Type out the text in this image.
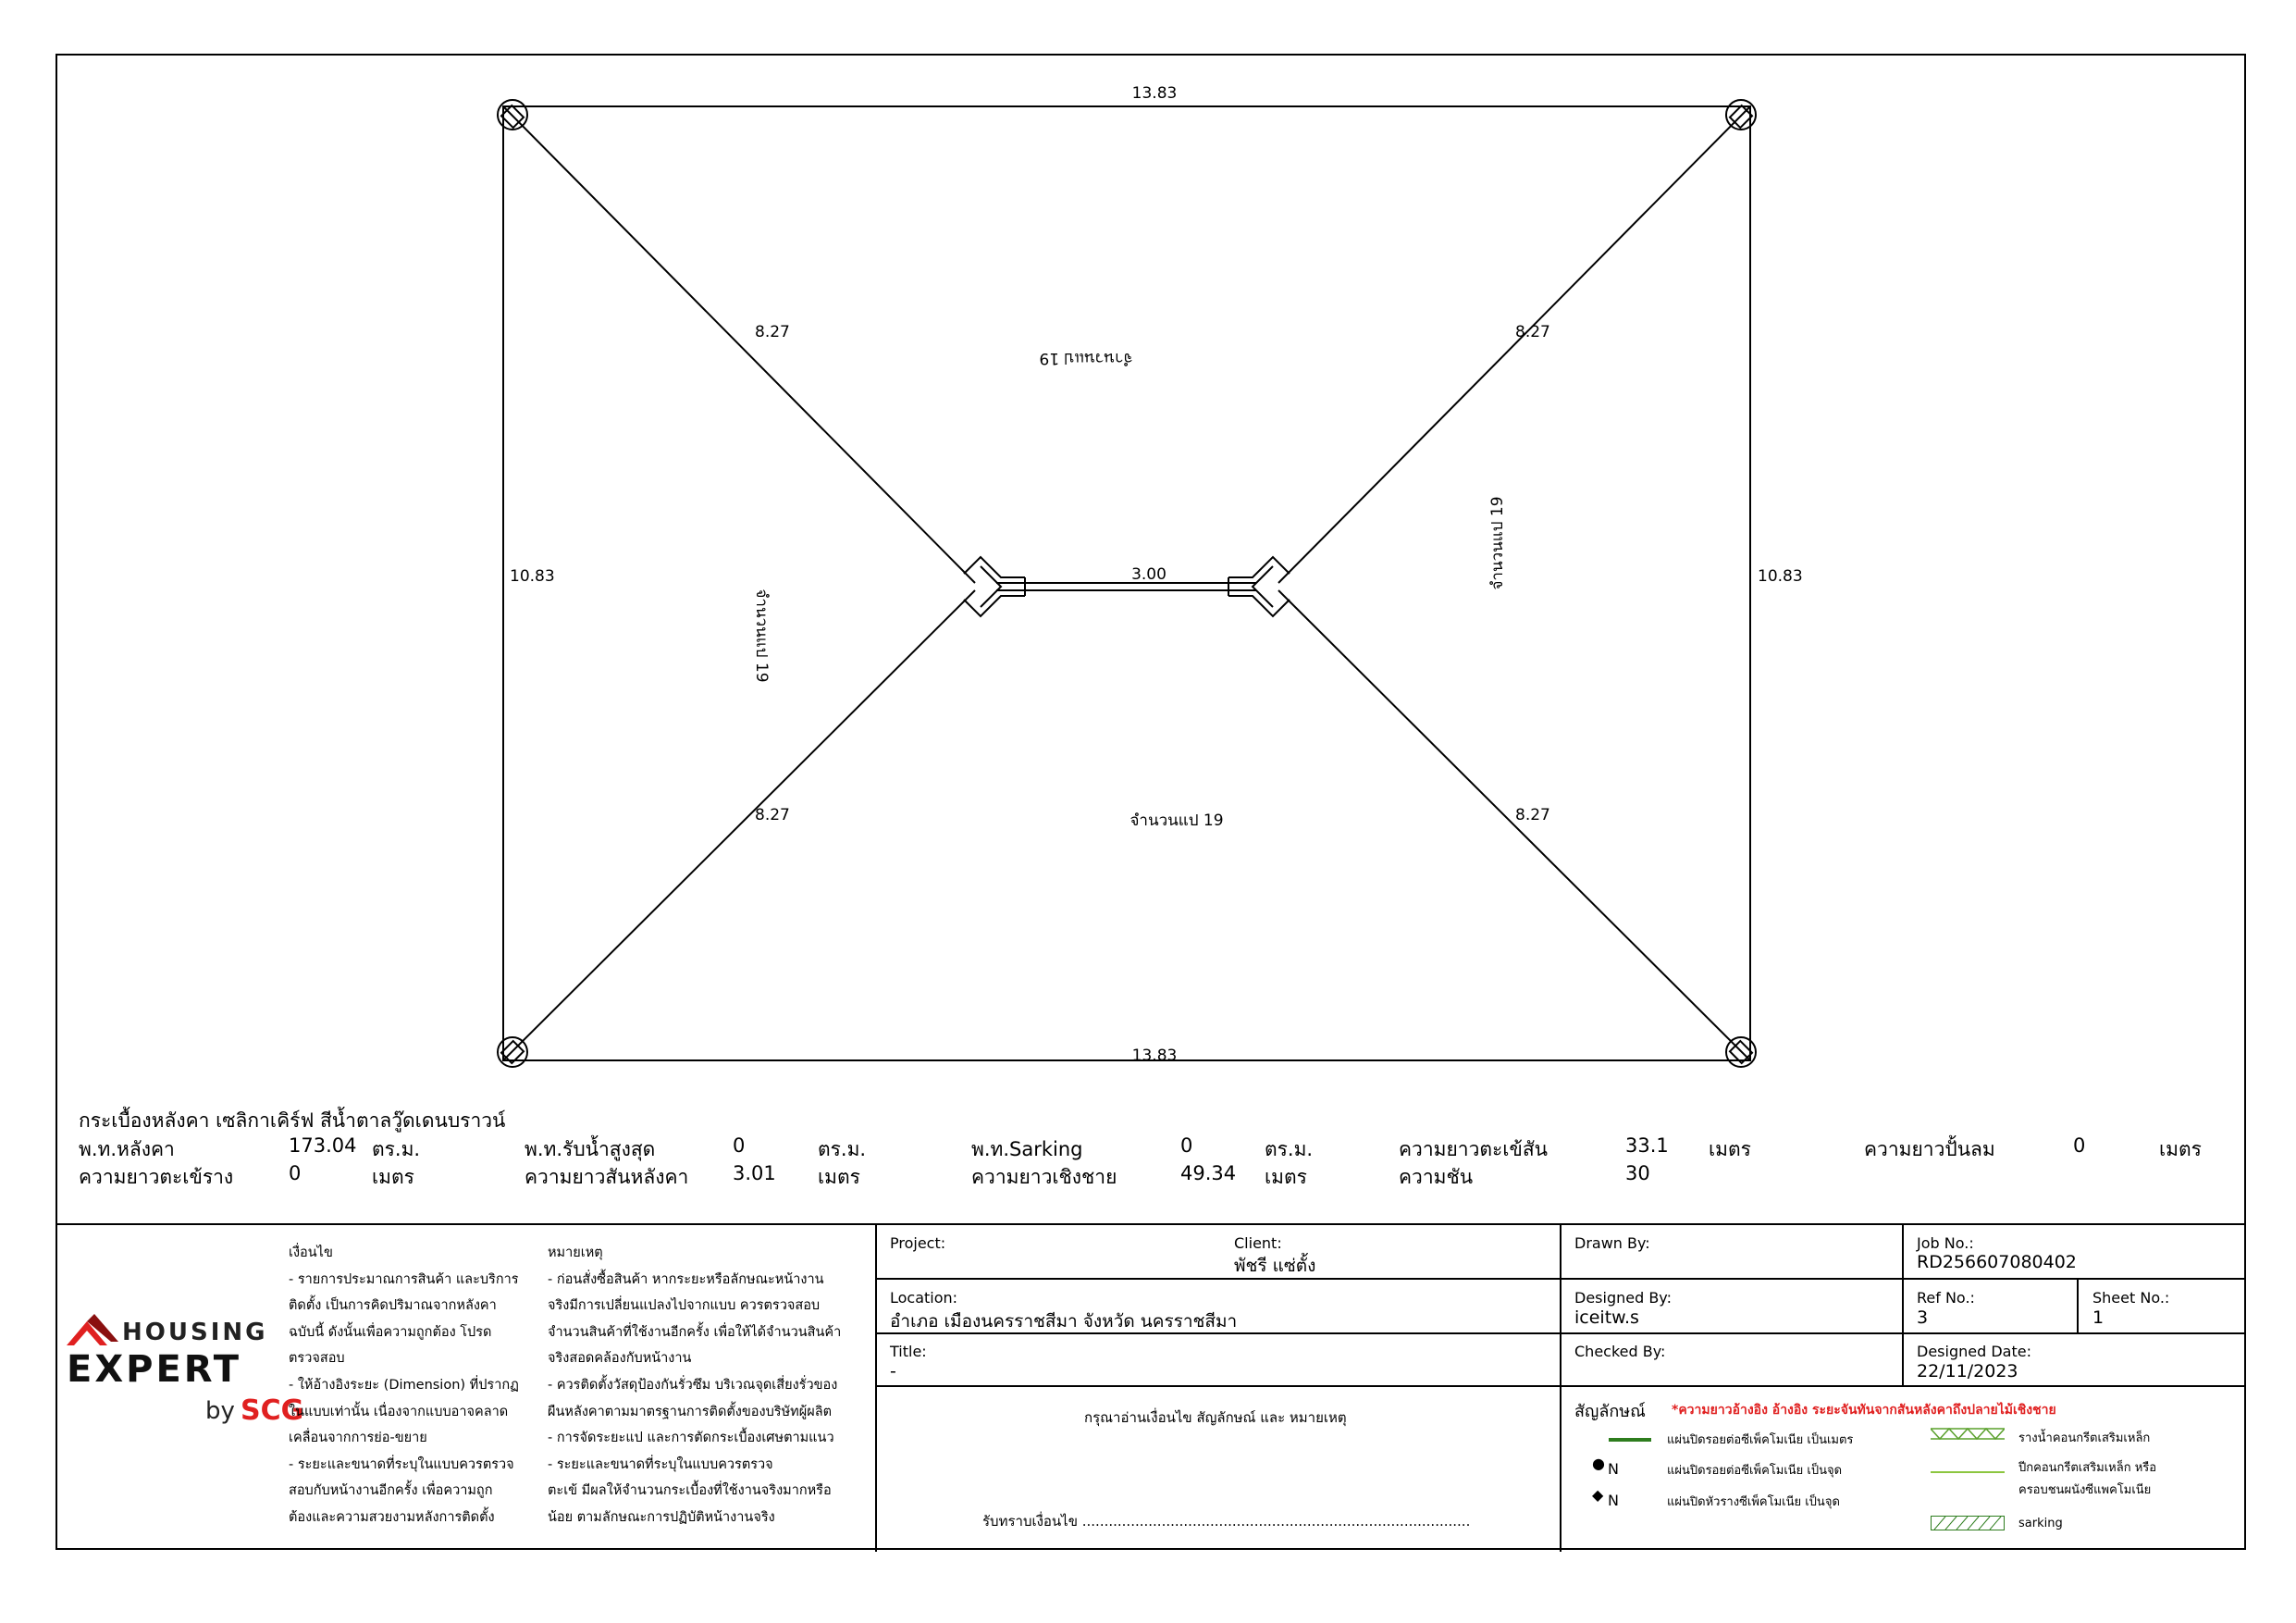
13.83
13.83
10.83	10.83
3.00
8.27	8.27
8.27	8.27
จำนวนแป 19
จำนวนแป 19
จำนวนแป 19
จำนวนแป 19
กระเบื้องหลังคา เซลิกาเคิร์ฟ สีน้ำตาลวู๊ดเดนบราวน์
พ.ท.หลังคา	173.04 ตร.ม.	พ.ท.รับน้ำสูงสุด	0	ตร.ม.	พ.ท.Sarking	0	ตร.ม.	ความยาวตะเข้สัน	33.1 เมตร	ความยาวปั้นลม	0	เมตร
ความยาวตะเข้ราง	0	เมตร	ความยาวสันหลังคา 3.01 เมตร	ความยาวเชิงชาย	49.34 เมตร	ความชัน	30
HOUSING
EXPERT
by SCG
เงื่อนไข
- รายการประมาณการสินค้า และบริการ
ติดตั้ง เป็นการคิดปริมาณจากหลังคา
ฉบับนี้ ดังนั้นเพื่อความถูกต้อง โปรด
ตรวจสอบ
- ให้อ้างอิงระยะ (Dimension) ที่ปรากฏ
ในแบบเท่านั้น เนื่องจากแบบอาจคลาด
เคลื่อนจากการย่อ-ขยาย
- ระยะและขนาดที่ระบุในแบบควรตรวจ
สอบกับหน้างานอีกครั้ง เพื่อความถูก
ต้องและความสวยงามหลังการติดตั้ง
หมายเหตุ
- ก่อนสั่งซื้อสินค้า หากระยะหรือลักษณะหน้างาน
จริงมีการเปลี่ยนแปลงไปจากแบบ ควรตรวจสอบ
จำนวนสินค้าที่ใช้งานอีกครั้ง เพื่อให้ได้จำนวนสินค้า
จริงสอดคล้องกับหน้างาน
- ควรติดตั้งวัสดุป้องกันรั่วซึม บริเวณจุดเสี่ยงรั่วของ
ผืนหลังคาตามมาตรฐานการติดตั้งของบริษัทผู้ผลิต
- การจัดระยะแป และการตัดกระเบื้องเศษตามแนว
- ระยะและขนาดที่ระบุในแบบควรตรวจ
ตะเข้ มีผลให้จำนวนกระเบื้องที่ใช้งานจริงมากหรือ
น้อย ตามลักษณะการปฏิบัติหน้างานจริง
Project:	Client:
พัชรี แซ่ตั้ง
Location:
อำเภอ เมืองนครราชสีมา จังหวัด นครราชสีมา
Title:
-
Drawn By:
Designed By:
iceitw.s
Checked By:
Job No.:
RD256607080402
Ref No.:
3
Sheet No.:
1
Designed Date:
22/11/2023
กรุณาอ่านเงื่อนไข สัญลักษณ์ และ หมายเหตุ
รับทราบเงื่อนไข ........................................................................................
สัญลักษณ์ *ความยาวอ้างอิง อ้างอิง ระยะจันทันจากสันหลังคาถึงปลายไม้เชิงชาย
แผ่นปิดรอยต่อซีเพ็คโมเนีย เป็นเมตร
● N	แผ่นปิดรอยต่อซีเพ็คโมเนีย เป็นจุด
◆ N	แผ่นปิดหัวรางซีเพ็คโมเนีย เป็นจุด
รางน้ำคอนกรีตเสริมเหล็ก
ปีกคอนกรีตเสริมเหล็ก หรือ
ครอบชนผนังซีแพคโมเนีย
sarking
